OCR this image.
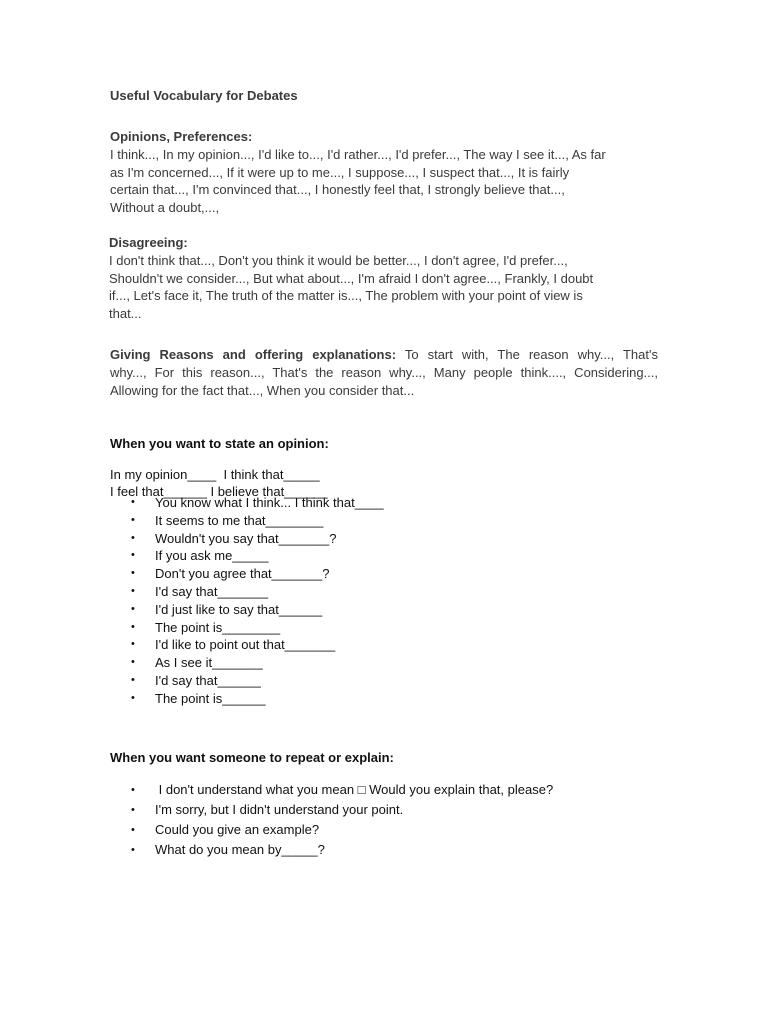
Useful Vocabulary for Debates

Opinions, Preferences:

I think..., In my opinion..., I'd like to..., I'd rather..., I'd prefer..., The way I see it..., As far

as I'm concerned..., If it were up to me..., I suppose..., I suspect that..., It is fairly

certain that..., I'm convinced that..., I honestly feel that, I strongly believe that...,

Without a doubt,...,

Disagreeing:

I don't think that..., Don't you think it would be better..., I don't agree, I'd prefer...,

Shouldn't we consider..., But what about..., I'm afraid I don't agree..., Frankly, I doubt

if..., Let's face it, The truth of the matter is..., The problem with your point of view is

that...

Giving Reasons and offering explanations: To start with, The reason why..., That's

why..., For this reason..., That's the reason why..., Many people think...., Considering...,

Allowing for the fact that..., When you consider that...

When you want to state an opinion:

In my opinion____  I think that_____

I feel that______ I believe that______

• You know what I think... I think that____
• It seems to me that________
• Wouldn't you say that_______?
• If you ask me_____
• Don't you agree that_______?
• I'd say that_______
• I'd just like to say that______
• The point is________
• I'd like to point out that_______
• As I see it_______
• I'd say that______
• The point is______

When you want someone to repeat or explain:

• I don't understand what you mean □ Would you explain that, please?
• I'm sorry, but I didn't understand your point.
• Could you give an example?
• What do you mean by_____?
